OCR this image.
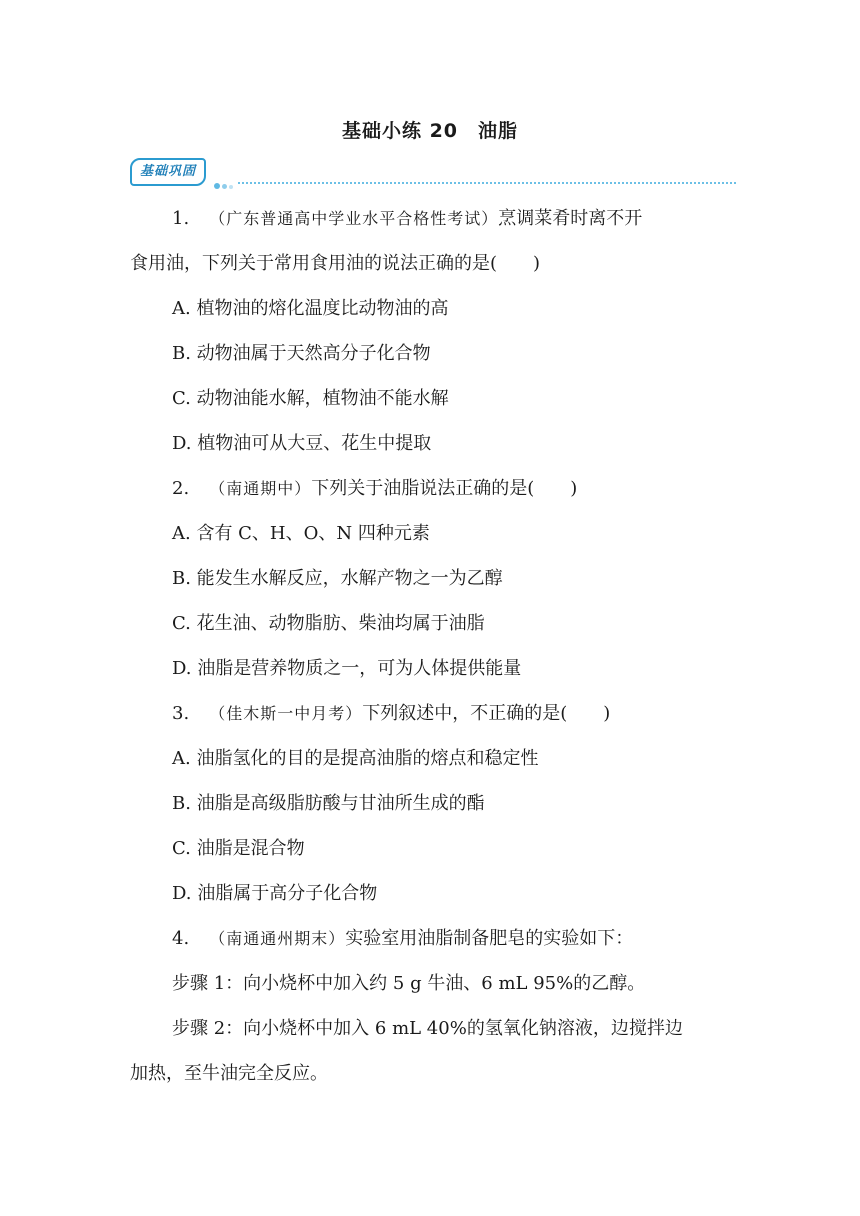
基础小练 20　油脂
基础巩固
1. （广东普通高中学业水平合格性考试）烹调菜肴时离不开
食用油，下列关于常用食用油的说法正确的是(　　)
A. 植物油的熔化温度比动物油的高
B. 动物油属于天然高分子化合物
C. 动物油能水解，植物油不能水解
D. 植物油可从大豆、花生中提取
2. （南通期中）下列关于油脂说法正确的是(　　)
A. 含有 C、H、O、N 四种元素
B. 能发生水解反应，水解产物之一为乙醇
C. 花生油、动物脂肪、柴油均属于油脂
D. 油脂是营养物质之一，可为人体提供能量
3. （佳木斯一中月考）下列叙述中，不正确的是(　　)
A. 油脂氢化的目的是提高油脂的熔点和稳定性
B. 油脂是高级脂肪酸与甘油所生成的酯
C. 油脂是混合物
D. 油脂属于高分子化合物
4. （南通通州期末）实验室用油脂制备肥皂的实验如下：
步骤 1：向小烧杯中加入约 5 g 牛油、6 mL 95%的乙醇。
步骤 2：向小烧杯中加入 6 mL 40%的氢氧化钠溶液，边搅拌边
加热，至牛油完全反应。
